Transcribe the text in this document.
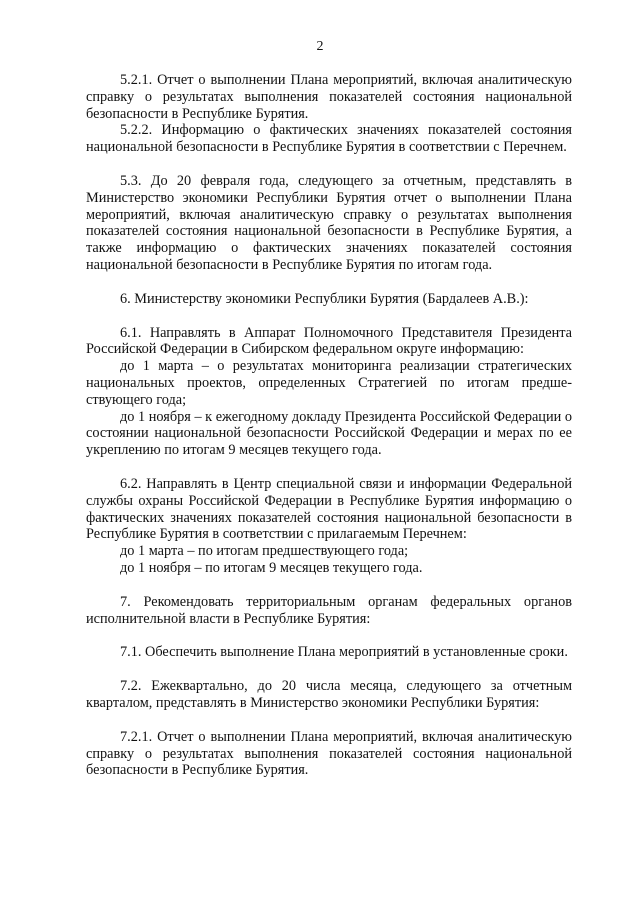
2

5.2.1. Отчет о выполнении Плана мероприятий, включая аналитическую справку о результатах выполнения показателей состояния национальной безопасности в Республике Бурятия.

5.2.2. Информацию о фактических значениях показателей состояния национальной безопасности в Республике Бурятия в соответствии с Перечнем.

5.3. До 20 февраля года, следующего за отчетным, представлять в Министерство экономики Республики Бурятия отчет о выполнении Плана мероприятий, включая аналитическую справку о результатах выполнения показателей состояния национальной безопасности в Республике Бурятия, а также информацию о фактических значениях показателей состояния национальной безопасности в Республике Бурятия по итогам года.

6. Министерству экономики Республики Бурятия (Бардалеев А.В.):

6.1. Направлять в Аппарат Полномочного Представителя Президента Российской Федерации в Сибирском федеральном округе информацию:

до 1 марта – о результатах мониторинга реализации стратегических национальных проектов, определенных Стратегией по итогам предшествующего года;

до 1 ноября – к ежегодному докладу Президента Российской Федерации о состоянии национальной безопасности Российской Федерации и мерах по ее укреплению по итогам 9 месяцев текущего года.

6.2. Направлять в Центр специальной связи и информации Федеральной службы охраны Российской Федерации в Республике Бурятия информацию о фактических значениях показателей состояния национальной безопасности в Республике Бурятия в соответствии с прилагаемым Перечнем:

до 1 марта – по итогам предшествующего года;

до 1 ноября – по итогам 9 месяцев текущего года.

7. Рекомендовать территориальным органам федеральных органов исполнительной власти в Республике Бурятия:

7.1. Обеспечить выполнение Плана мероприятий в установленные сроки.

7.2. Ежеквартально, до 20 числа месяца, следующего за отчетным кварталом, представлять в Министерство экономики Республики Бурятия:

7.2.1. Отчет о выполнении Плана мероприятий, включая аналитическую справку о результатах выполнения показателей состояния национальной безопасности в Республике Бурятия.
